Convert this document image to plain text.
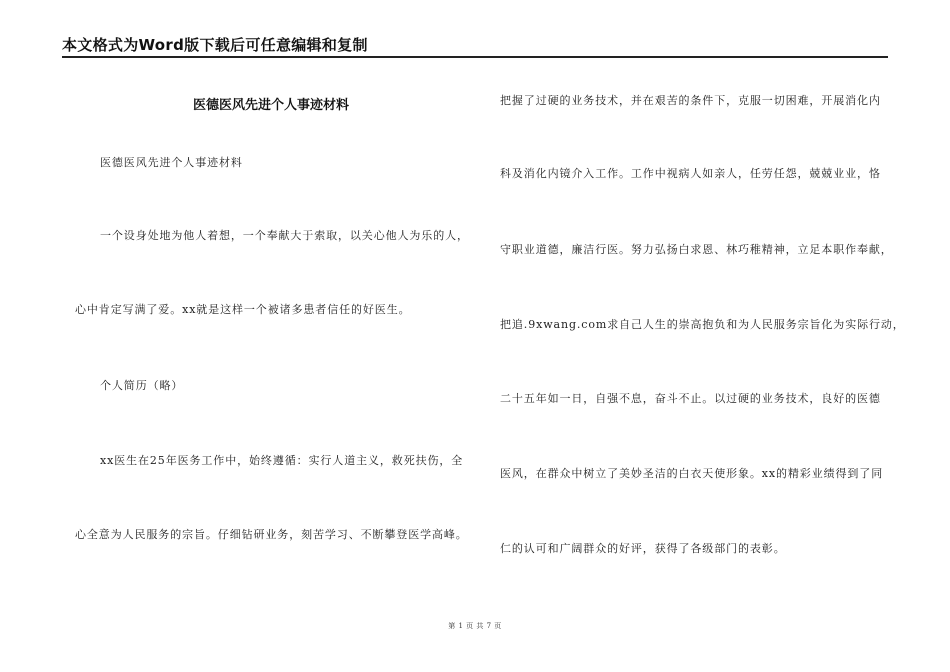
本文格式为Word版下载后可任意编辑和复制
医德医风先进个人事迹材料
医德医风先进个人事迹材料
一个设身处地为他人着想，一个奉献大于索取，以关心他人为乐的人，
心中肯定写满了爱。xx就是这样一个被诸多患者信任的好医生。
个人简历（略）
xx医生在25年医务工作中，始终遵循：实行人道主义，救死扶伤，全
心全意为人民服务的宗旨。仔细钻研业务，刻苦学习、不断攀登医学高峰。
把握了过硬的业务技术，并在艰苦的条件下，克服一切困难，开展消化内
科及消化内镜介入工作。工作中视病人如亲人，任劳任怨，兢兢业业，恪
守职业道德，廉洁行医。努力弘扬白求恩、林巧稚精神，立足本职作奉献，
把追.9xwang.com求自己人生的崇高抱负和为人民服务宗旨化为实际行动，
二十五年如一日，自强不息，奋斗不止。以过硬的业务技术，良好的医德
医风，在群众中树立了美妙圣洁的白衣天使形象。xx的精彩业绩得到了同
仁的认可和广阔群众的好评，获得了各级部门的表彰。
第 1 页 共 7 页
